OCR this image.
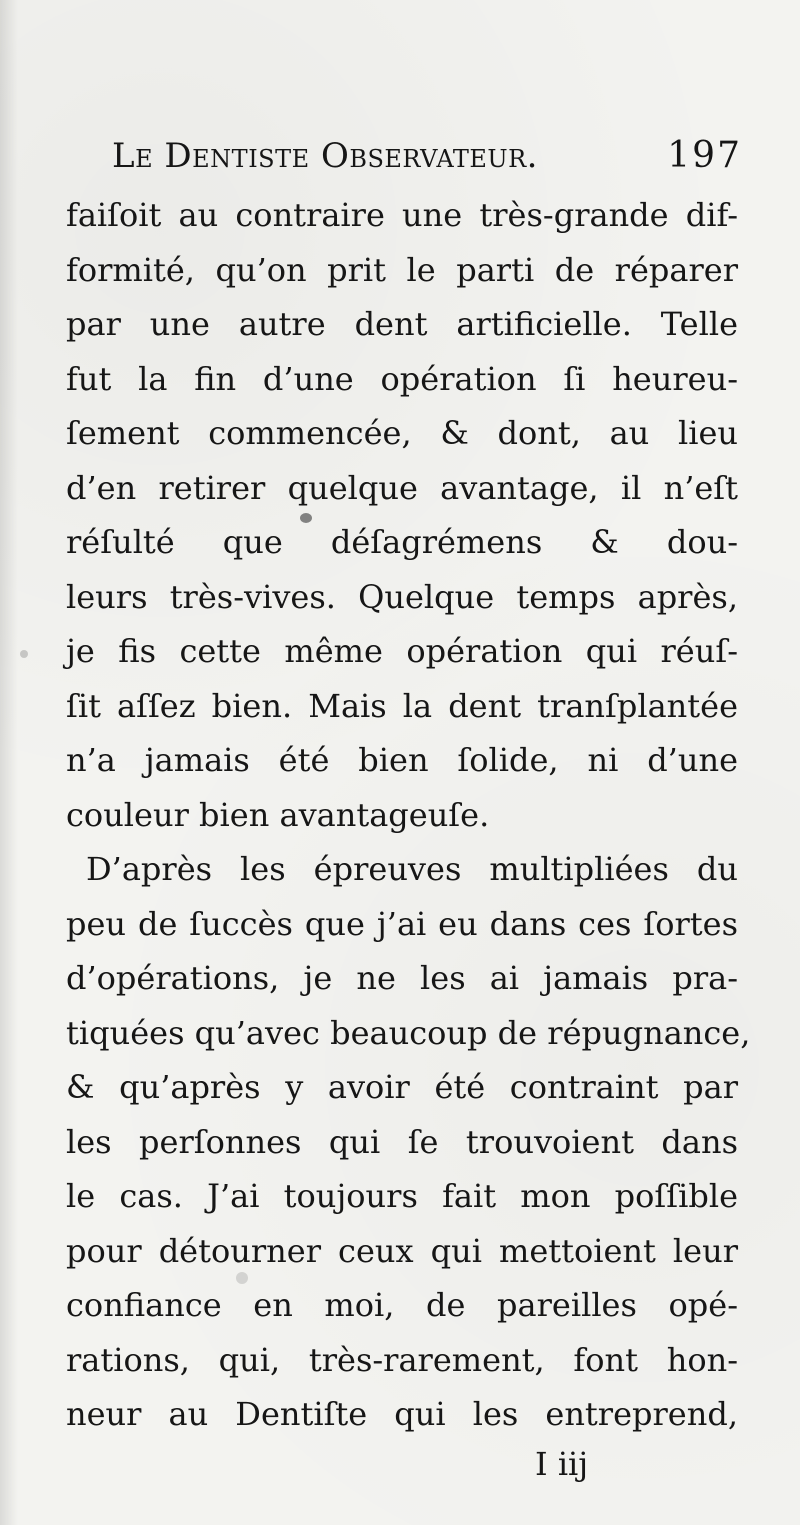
Le Dentiste Observateur.	197
faiſoit au contraire une très-grande dif-
formité, qu’on prit le parti de réparer
par une autre dent artificielle. Telle
fut la fin d’une opération ſi heureu-
ſement commencée, & dont, au lieu
d’en retirer quelque avantage, il n’eſt
réſulté que déſagrémens & dou-
leurs très-vives. Quelque temps après,
je fis cette même opération qui réuſ-
ſit aſſez bien. Mais la dent tranſplantée
n’a jamais été bien ſolide, ni d’une
couleur bien avantageuſe.
D’après les épreuves multipliées du
peu de ſuccès que j’ai eu dans ces ſortes
d’opérations, je ne les ai jamais pra-
tiquées qu’avec beaucoup de répugnance,
& qu’après y avoir été contraint par
les perſonnes qui ſe trouvoient dans
le cas. J’ai toujours fait mon poſſible
pour détourner ceux qui mettoient leur
confiance en moi, de pareilles opé-
rations, qui, très-rarement, font hon-
neur au Dentiſte qui les entreprend,
I iij
